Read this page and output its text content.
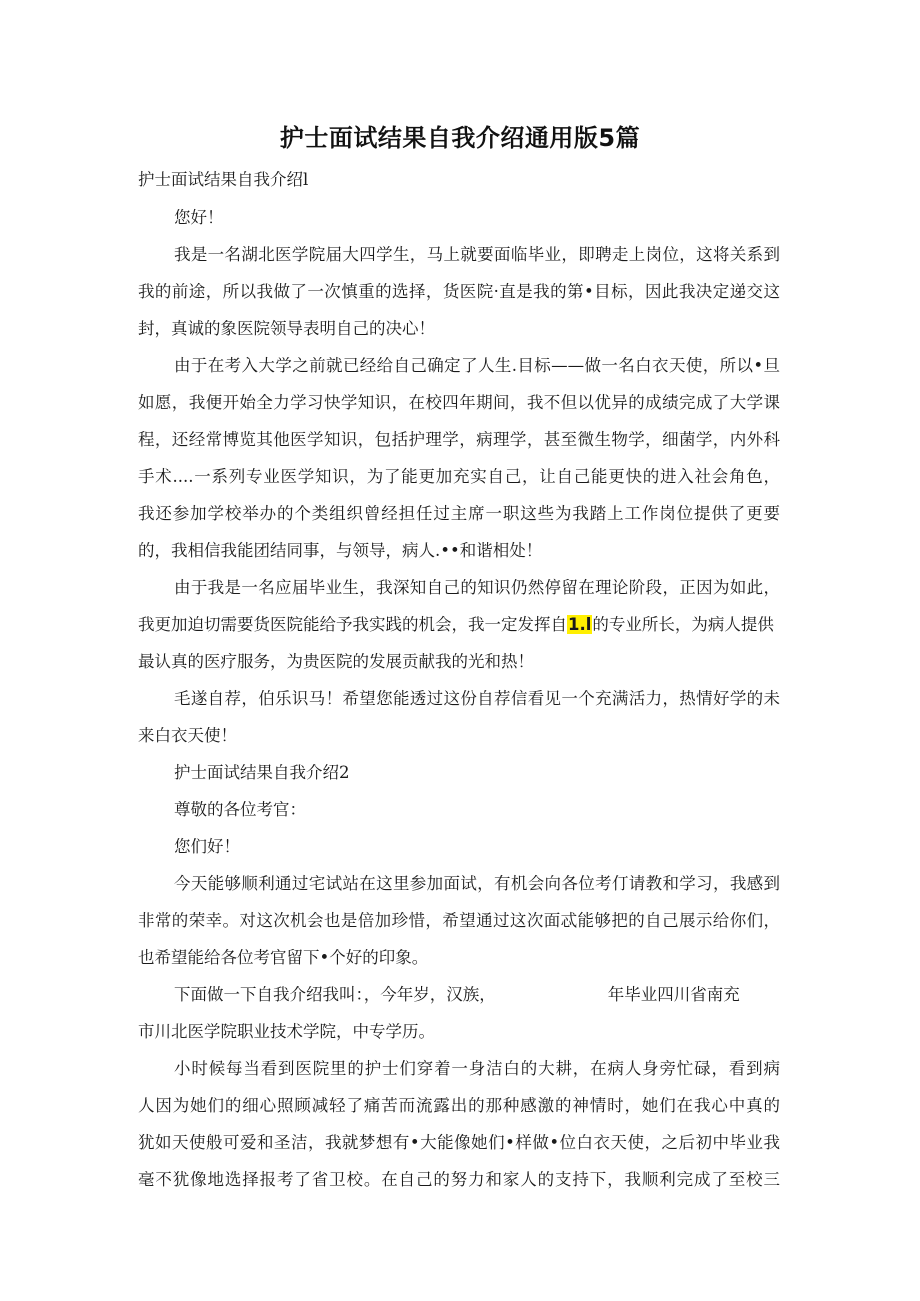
护士面试结果自我介绍通用版5篇
护士面试结果自我介绍l
您好！
我是一名湖北医学院届大四学生，马上就要面临毕业，即聘走上岗位，这将关系到
我的前途，所以我做了一次慎重的选择，货医院·直是我的第•目标，因此我决定递交这
封，真诚的象医院领导表明自己的决心！
由于在考入大学之前就已经给自己确定了人生.目标——做一名白衣天使，所以•旦
如愿，我便开始全力学习快学知识，在校四年期间，我不但以优异的成绩完成了大学课
程，还经常博览其他医学知识，包括护理学，病理学，甚至微生物学，细菌学，内外科
手术....一系列专业医学知识，为了能更加充实自己，让自己能更快的进入社会角色，
我还参加学校举办的个类组织曾经担任过主席一职这些为我踏上工作岗位提供了更要
的，我相信我能团结同事，与领导，病人.••和谐相处！
由于我是一名应届毕业生，我深知自己的知识仍然停留在理论阶段，正因为如此，
我更加迫切需要货医院能给予我实践的机会，我一定发挥自1.l的专业所长，为病人提供
最认真的医疗服务，为贵医院的发展贡献我的光和热！
毛遂自荐，伯乐识马！希望您能透过这份自荐信看见一个充满活力，热情好学的未
来白衣天使！
护士面试结果自我介绍2
尊敬的各位考官：
您们好！
今天能够顺利通过宅试站在这里参加面试，有机会向各位考仃请教和学习，我感到
非常的荣幸。对这次机会也是倍加珍惜，希望通过这次面忒能够把的自己展示给你们，
也希望能给各位考官留下•个好的印象。
下面做一下自我介绍我叫：，今年岁，汉族，	年毕业四川省南充
市川北医学院职业技术学院，中专学历。
小时候每当看到医院里的护士们穿着一身洁白的大耕，在病人身旁忙碌，看到病
人因为她们的细心照顾减轻了痛苦而流露出的那种感激的神情时，她们在我心中真的
犹如天使般可爱和圣洁，我就梦想有•大能像她们•样做•位白衣天使，之后初中毕业我
毫不犹像地选择报考了省卫校。在自己的努力和家人的支持下，我顺利完成了至校三
